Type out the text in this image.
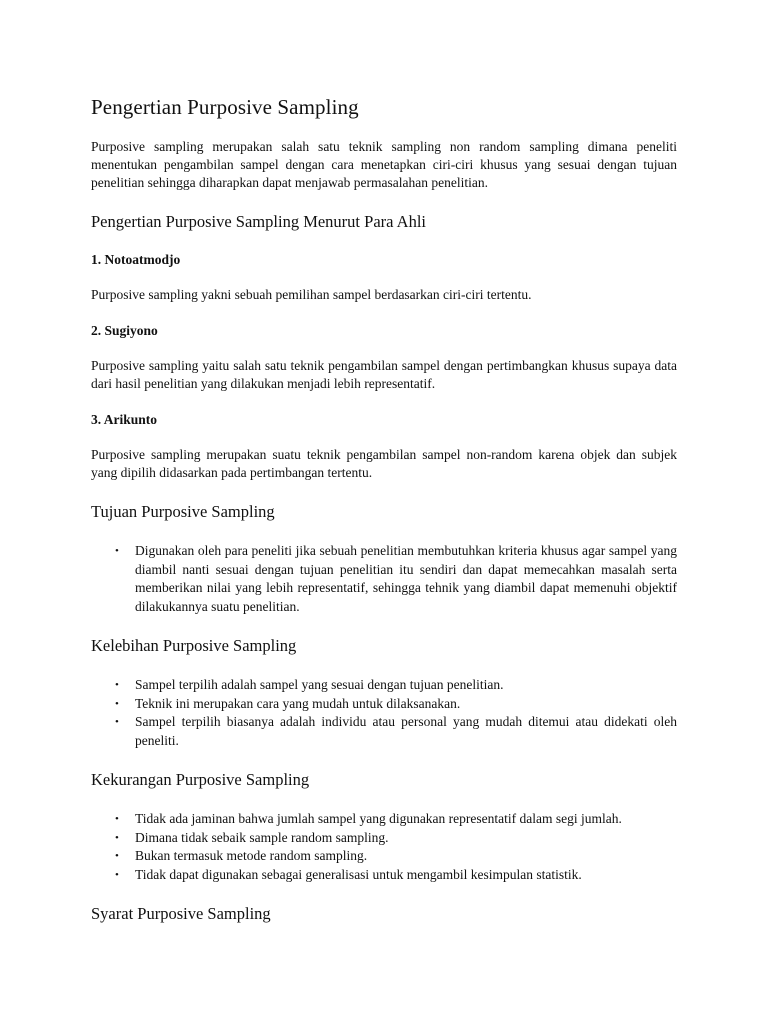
Pengertian Purposive Sampling

Purposive sampling merupakan salah satu teknik sampling non random sampling dimana peneliti menentukan pengambilan sampel dengan cara menetapkan ciri-ciri khusus yang sesuai dengan tujuan penelitian sehingga diharapkan dapat menjawab permasalahan penelitian.

Pengertian Purposive Sampling Menurut Para Ahli
1. Notoatmodjo

Purposive sampling yakni sebuah pemilihan sampel berdasarkan ciri-ciri tertentu.

2. Sugiyono

Purposive sampling yaitu salah satu teknik pengambilan sampel dengan pertimbangkan khusus supaya data dari hasil penelitian yang dilakukan menjadi lebih representatif.

3. Arikunto

Purposive sampling merupakan suatu teknik pengambilan sampel non-random karena objek dan subjek yang dipilih didasarkan pada pertimbangan tertentu.

Tujuan Purposive Sampling
• Digunakan oleh para peneliti jika sebuah penelitian membutuhkan kriteria khusus agar sampel yang diambil nanti sesuai dengan tujuan penelitian itu sendiri dan dapat memecahkan masalah serta memberikan nilai yang lebih representatif, sehingga tehnik yang diambil dapat memenuhi objektif dilakukannya suatu penelitian.
Kelebihan Purposive Sampling
• Sampel terpilih adalah sampel yang sesuai dengan tujuan penelitian.
• Teknik ini merupakan cara yang mudah untuk dilaksanakan.
• Sampel terpilih biasanya adalah individu atau personal yang mudah ditemui atau didekati oleh peneliti.
Kekurangan Purposive Sampling
• Tidak ada jaminan bahwa jumlah sampel yang digunakan representatif dalam segi jumlah.
• Dimana tidak sebaik sample random sampling.
• Bukan termasuk metode random sampling.
• Tidak dapat digunakan sebagai generalisasi untuk mengambil kesimpulan statistik.
Syarat Purposive Sampling
